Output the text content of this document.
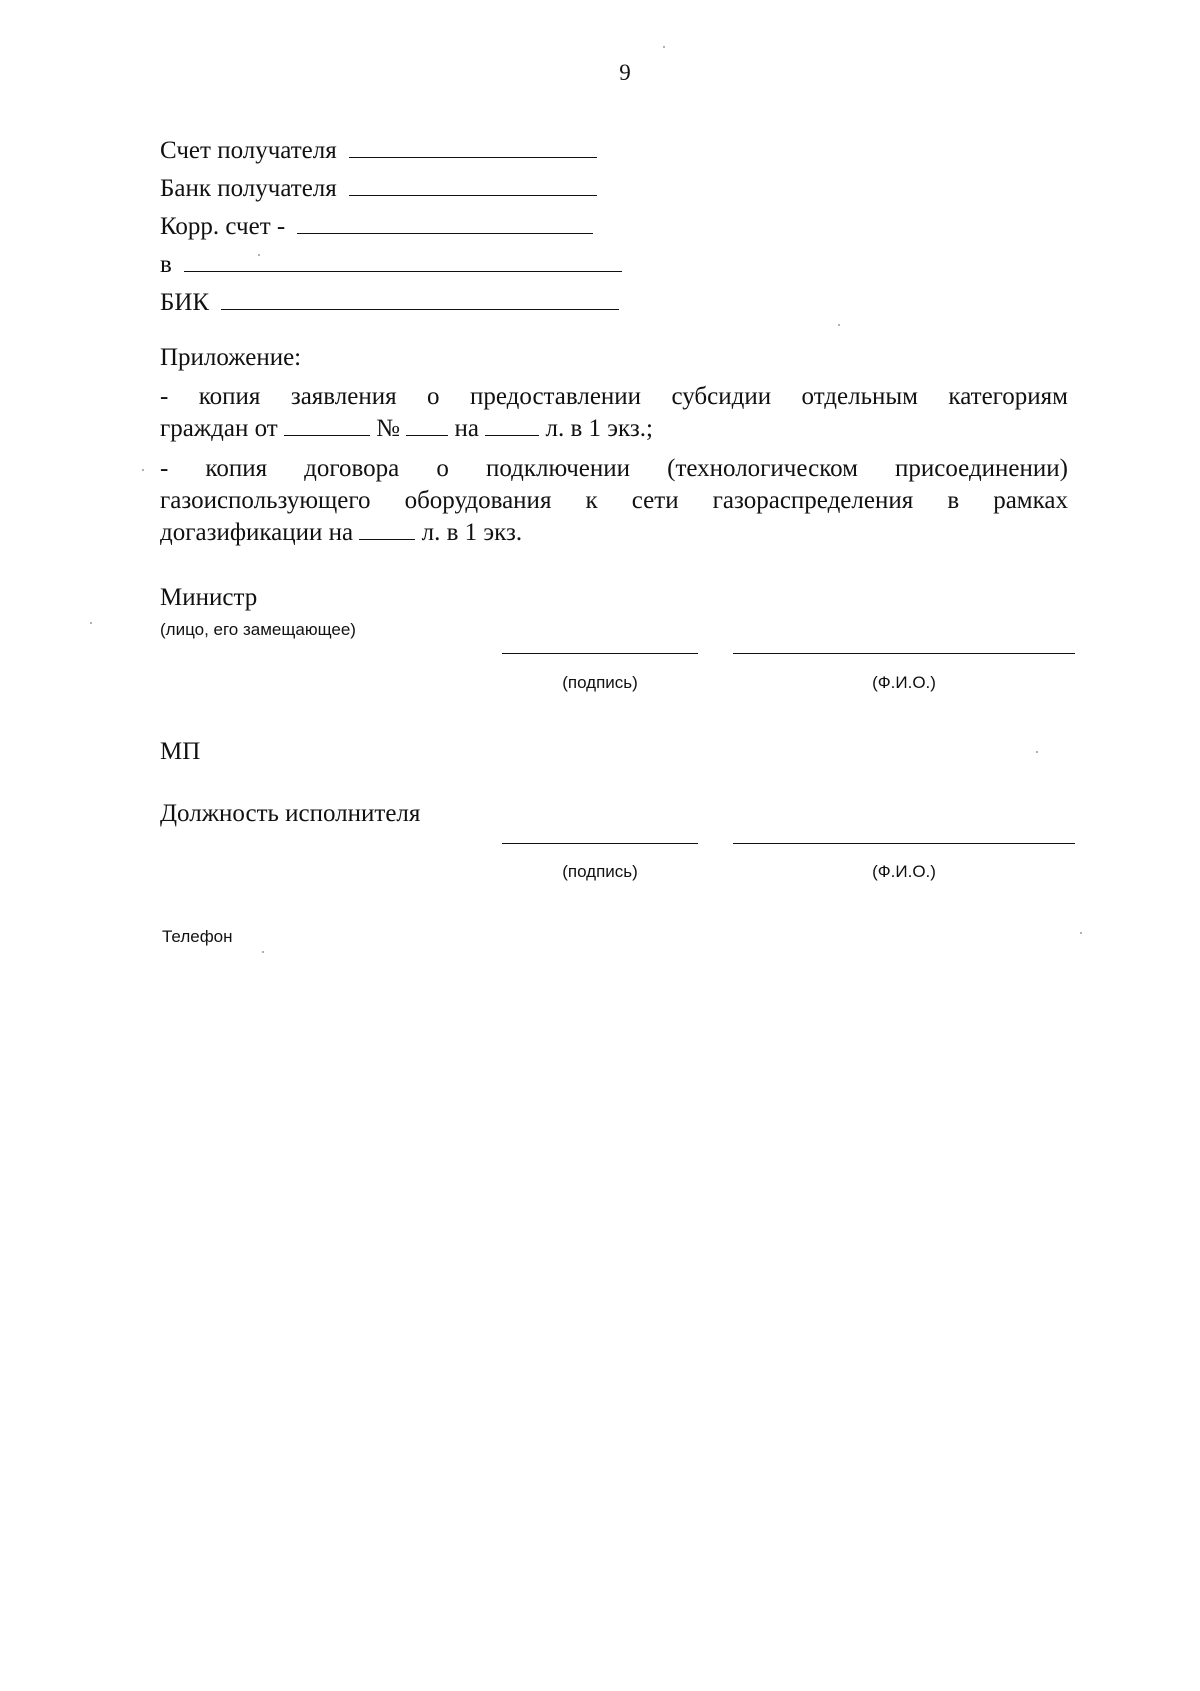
9
Счет получателя
Банк получателя
Корр. счет -
в
БИК
Приложение:
- копия заявления о предоставлении субсидии отдельным категориям
граждан от	№ на	л. в 1 экз.;
- копия договора о подключении (технологическом присоединении)
газоиспользующего оборудования к сети газораспределения в рамках
догазификации на	л. в 1 экз.
Министр
(лицо, его замещающее)
(подпись)	(Ф.И.О.)
МП
Должность исполнителя
(подпись)	(Ф.И.О.)
Телефон
